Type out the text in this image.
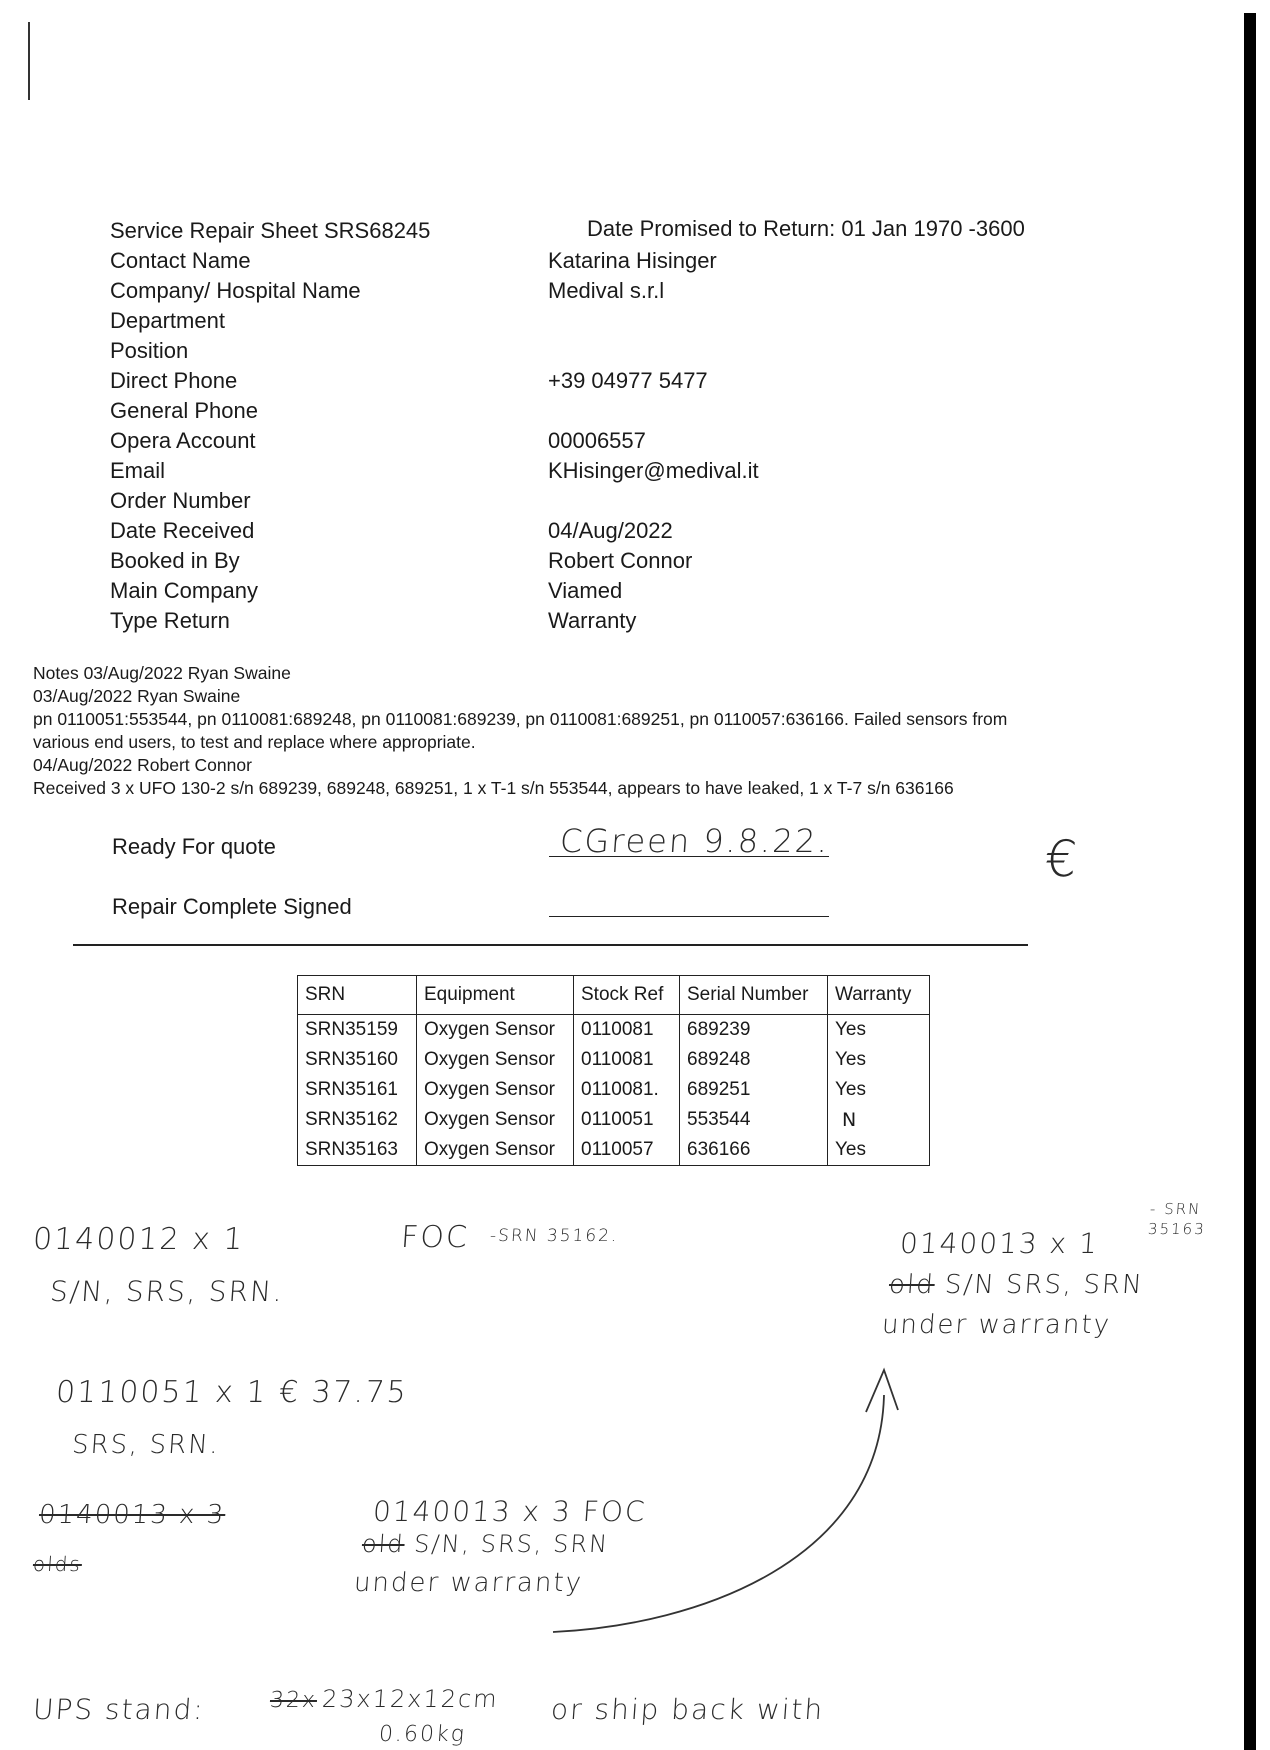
Service Repair Sheet SRS68245	Date Promised to Return: 01 Jan 1970 -3600
Contact Name	Katarina Hisinger
Company/ Hospital Name	Medival s.r.l
Department
Position
Direct Phone	+39 04977 5477
General Phone
Opera Account	00006557
Email	KHisinger@medival.it
Order Number
Date Received	04/Aug/2022
Booked in By	Robert Connor
Main Company	Viamed
Type Return	Warranty
Notes 03/Aug/2022 Ryan Swaine
03/Aug/2022 Ryan Swaine
pn 0110051:553544, pn 0110081:689248, pn 0110081:689239, pn 0110081:689251, pn 0110057:636166. Failed sensors from
various end users, to test and replace where appropriate.
04/Aug/2022 Robert Connor
Received 3 x UFO 130-2 s/n 689239, 689248, 689251, 1 x T-1 s/n 553544, appears to have leaked, 1 x T-7 s/n 636166
Ready For quote	CGreen 9.8.22.	€
Repair Complete Signed
SRN	Equipment	Stock Ref	Serial Number	Warranty
SRN35159	Oxygen Sensor	0110081	689239	Yes
SRN35160	Oxygen Sensor	0110081	689248	Yes
SRN35161	Oxygen Sensor	0110081.	689251	Yes
SRN35162	Oxygen Sensor	0110051	553544	N
SRN35163	Oxygen Sensor	0110057	636166	Yes
0140012 x 1	FOC -SRN 35162.
S/N, SRS, SRN.
0140013 x 1
- SRN
35163
old S/N SRS, SRN
under warranty
0110051 x 1 € 37.75
SRS, SRN.
0140013 x 3
olds
0140013 x 3 FOC
old S/N, SRS, SRN
under warranty
UPS stand:	32x 23x12x12cm
0.60kg
or ship back with
